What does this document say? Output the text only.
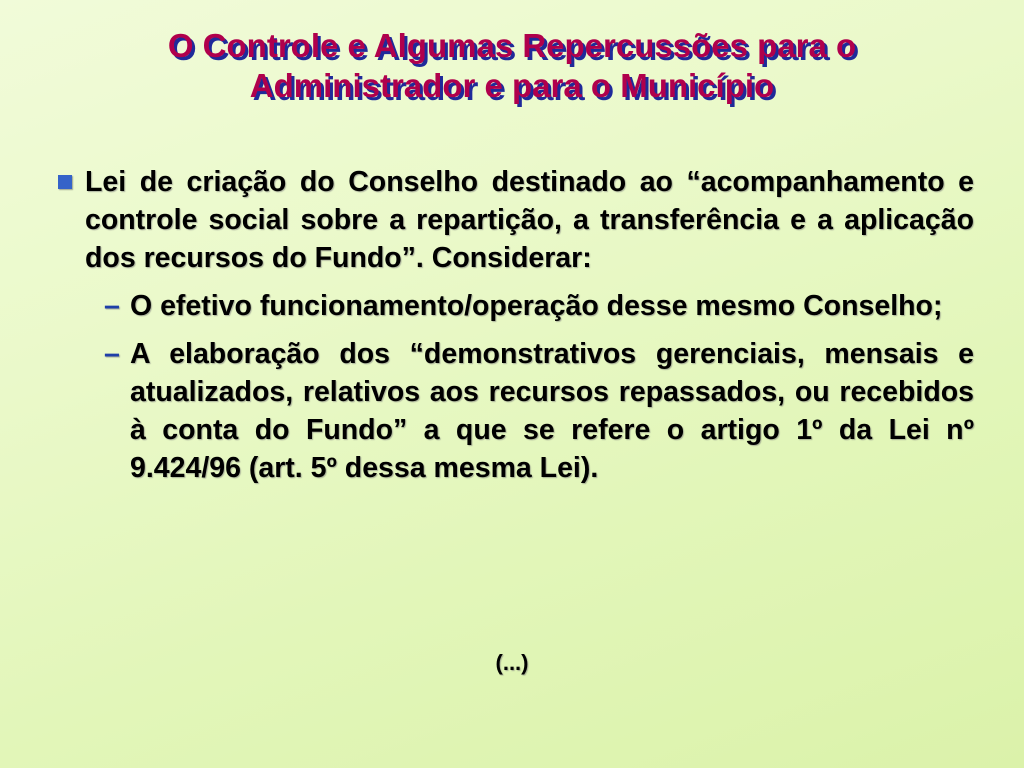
O Controle e Algumas Repercussões para o
Administrador e para o Município
Lei de criação do Conselho destinado ao “acompanhamento e controle social sobre a repartição, a transferência e a aplicação dos recursos do Fundo”. Considerar:
– O efetivo funcionamento/operação desse mesmo Conselho;
– A elaboração dos “demonstrativos gerenciais, mensais e atualizados, relativos aos recursos repassados, ou recebidos à conta do Fundo” a que se refere o artigo 1º da Lei nº 9.424/96 (art. 5º dessa mesma Lei).
(...)
